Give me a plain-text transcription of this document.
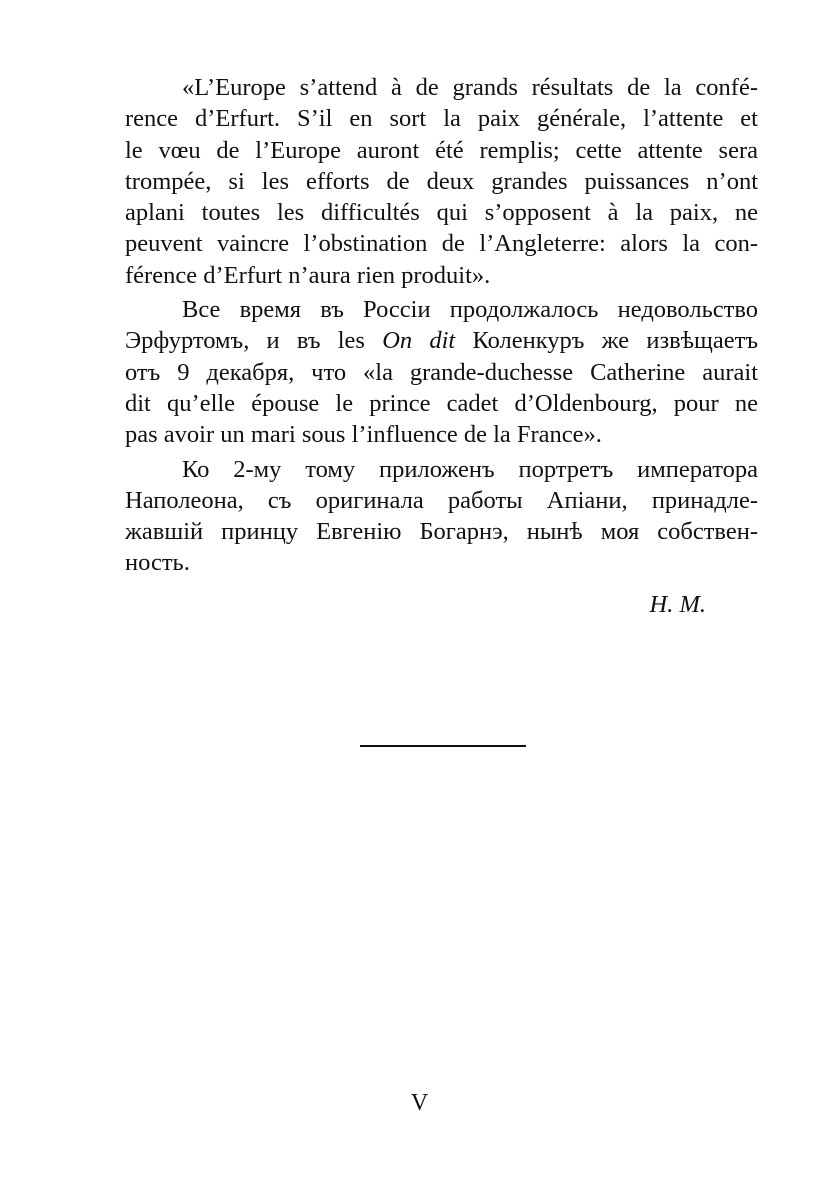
«L’Europe s’attend à de grands résultats de la confé-
rence d’Erfurt. S’il en sort la paix générale, l’attente et
le vœu de l’Europe auront été remplis; cette attente sera
trompée, si les efforts de deux grandes puissances n’ont
aplani toutes les difficultés qui s’opposent à la paix, ne
peuvent vaincre l’obstination de l’Angleterre: alors la con-
férence d’Erfurt n’aura rien produit».

Все время въ Россіи продолжалось недовольство
Эрфуртомъ, и въ les On dit Коленкуръ же извѣщаетъ
отъ 9 декабря, что «la grande-duchesse Catherine aurait
dit qu’elle épouse le prince cadet d’Oldenbourg, pour ne
pas avoir un mari sous l’influence de la France».

Ко 2-му тому приложенъ портретъ императора
Наполеона, съ оригинала работы Апіани, принадле-
жавшій принцу Евгенію Богарнэ, нынѣ моя собствен-
ность.

Н. М.

V
